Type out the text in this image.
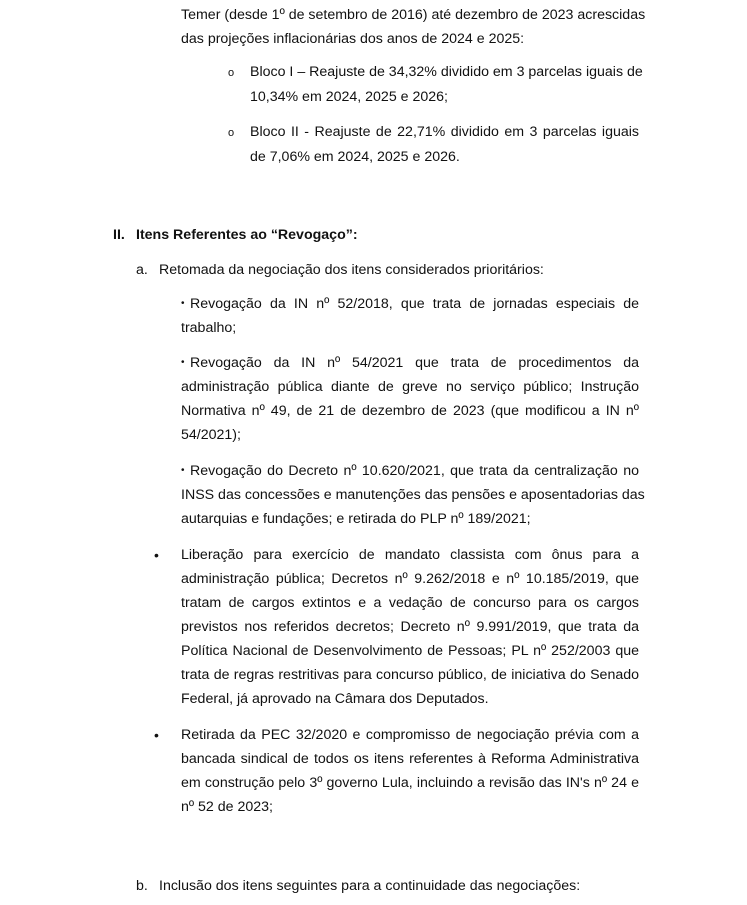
Temer (desde 1º de setembro de 2016) até dezembro de 2023 acrescidas
das projeções inflacionárias dos anos de 2024 e 2025:
o Bloco I – Reajuste de 34,32% dividido em 3 parcelas iguais de
10,34% em 2024, 2025 e 2026;
o Bloco II - Reajuste de 22,71% dividido em 3 parcelas iguais
de 7,06% em 2024, 2025 e 2026.
II. Itens Referentes ao “Revogaço”:
a. Retomada da negociação dos itens considerados prioritários:
• Revogação da IN nº 52/2018, que trata de jornadas especiais de
trabalho;
• Revogação da IN nº 54/2021 que trata de procedimentos da
administração pública diante de greve no serviço público; Instrução
Normativa nº 49, de 21 de dezembro de 2023 (que modificou a IN nº
54/2021);
• Revogação do Decreto nº 10.620/2021, que trata da centralização no
INSS das concessões e manutenções das pensões e aposentadorias das
autarquias e fundações; e retirada do PLP nº 189/2021;
• Liberação para exercício de mandato classista com ônus para a
administração pública; Decretos nº 9.262/2018 e nº 10.185/2019, que
tratam de cargos extintos e a vedação de concurso para os cargos
previstos nos referidos decretos; Decreto nº 9.991/2019, que trata da
Política Nacional de Desenvolvimento de Pessoas; PL nº 252/2003 que
trata de regras restritivas para concurso público, de iniciativa do Senado
Federal, já aprovado na Câmara dos Deputados.
• Retirada da PEC 32/2020 e compromisso de negociação prévia com a
bancada sindical de todos os itens referentes à Reforma Administrativa
em construção pelo 3º governo Lula, incluindo a revisão das IN's nº 24 e
nº 52 de 2023;
b. Inclusão dos itens seguintes para a continuidade das negociações:
